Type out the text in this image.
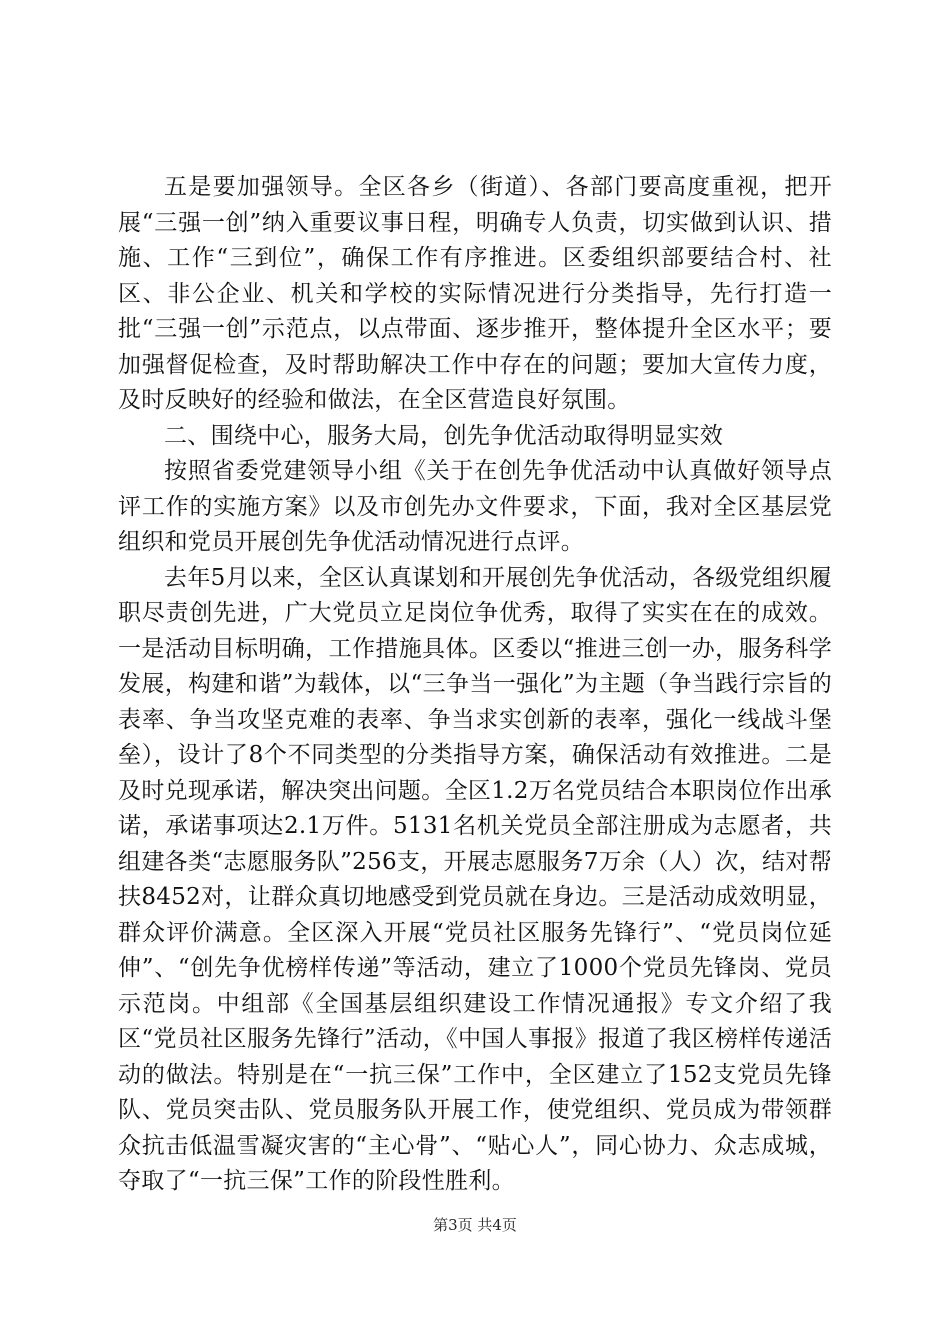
五是要加强领导。全区各乡（街道）、各部门要高度重视，把开展“三强一创”纳入重要议事日程，明确专人负责，切实做到认识、措施、工作“三到位”，确保工作有序推进。区委组织部要结合村、社区、非公企业、机关和学校的实际情况进行分类指导，先行打造一批“三强一创”示范点，以点带面、逐步推开，整体提升全区水平；要加强督促检查，及时帮助解决工作中存在的问题；要加大宣传力度，及时反映好的经验和做法，在全区营造良好氛围。

二、围绕中心，服务大局，创先争优活动取得明显实效

按照省委党建领导小组《关于在创先争优活动中认真做好领导点评工作的实施方案》以及市创先办文件要求，下面，我对全区基层党组织和党员开展创先争优活动情况进行点评。

去年5月以来，全区认真谋划和开展创先争优活动，各级党组织履职尽责创先进，广大党员立足岗位争优秀，取得了实实在在的成效。一是活动目标明确，工作措施具体。区委以“推进三创一办，服务科学发展，构建和谐”为载体，以“三争当一强化”为主题（争当践行宗旨的表率、争当攻坚克难的表率、争当求实创新的表率，强化一线战斗堡垒），设计了8个不同类型的分类指导方案，确保活动有效推进。二是及时兑现承诺，解决突出问题。全区1.2万名党员结合本职岗位作出承诺，承诺事项达2.1万件。5131名机关党员全部注册成为志愿者，共组建各类“志愿服务队”256支，开展志愿服务7万余（人）次，结对帮扶8452对，让群众真切地感受到党员就在身边。三是活动成效明显，群众评价满意。全区深入开展“党员社区服务先锋行”、“党员岗位延伸”、“创先争优榜样传递”等活动，建立了1000个党员先锋岗、党员示范岗。中组部《全国基层组织建设工作情况通报》专文介绍了我区“党员社区服务先锋行”活动，《中国人事报》报道了我区榜样传递活动的做法。特别是在“一抗三保”工作中，全区建立了152支党员先锋队、党员突击队、党员服务队开展工作，使党组织、党员成为带领群众抗击低温雪凝灾害的“主心骨”、“贴心人”，同心协力、众志成城，夺取了“一抗三保”工作的阶段性胜利。

第3页 共4页
